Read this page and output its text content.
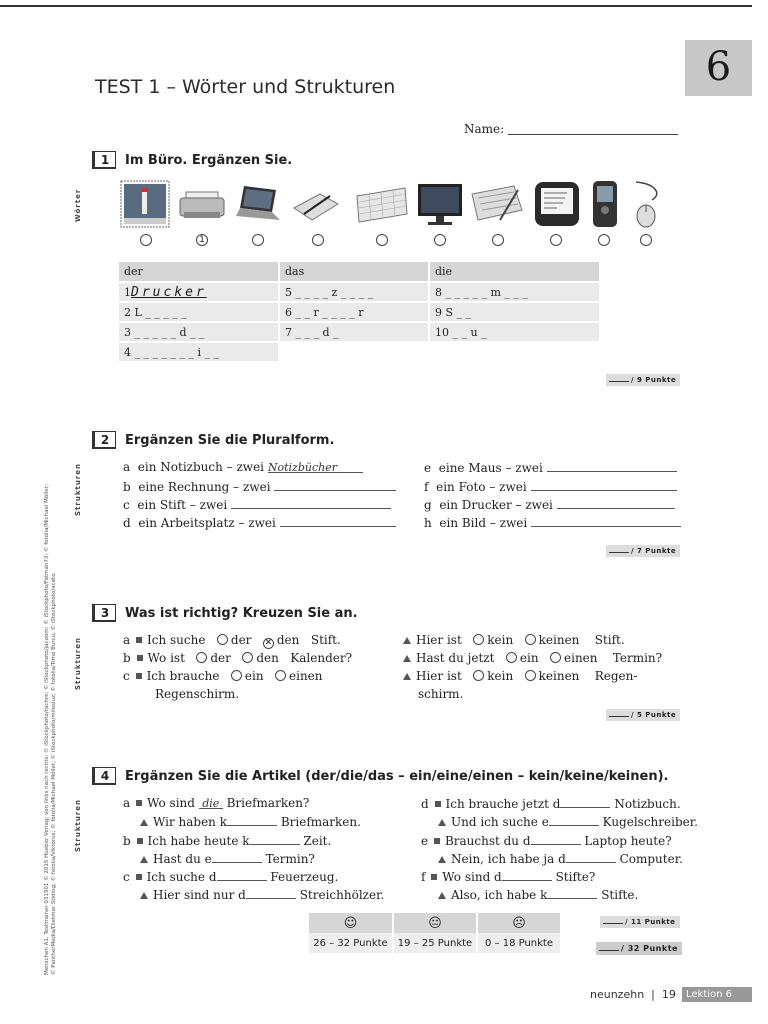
TEST 1 – Wörter und Strukturen	6
Name:
Menschen A1, Testtrainer 031901 © 2015 Hueber Verlag; von links nach rechts: © iStockphoto/rachre; © iStockphoto/jacoom; © iStockphoto/Fatman73; © fotolia/Michael Möller; © PantherMedia/Dietmar Stiding; © fotolia/Viktorus; © fotolia/Michael Möller; © iStockphoto/milosluz; © fotolia/Timo Burcu; © iStockphoto/acato
1	Im Büro. Ergänzen Sie.
Wörter
1
der	das	die
1Drucker	5 _ _ _ _ z _ _ _ _	8 _ _ _ _ _ m _ _ _
2 L _ _ _ _ _	6 _ _ r _ _ _ _ r	9 S _ _
3 _ _ _ _ _ d _ _	7 _ _ _ d _	10 _ _ u _
4 _ _ _ _ _ _ _ i _ _		
/ 9 Punkte
2	Ergänzen Sie die Pluralform.
Strukturen	a ein Notizbuch – zwei Notizbücher
b eine Rechnung – zwei
c ein Stift – zwei
d ein Arbeitsplatz – zwei
e eine Maus – zwei
f ein Foto – zwei
g ein Drucker – zwei
h ein Bild – zwei
/ 7 Punkte
3	Was ist richtig? Kreuzen Sie an.
Strukturen	a Ich suche der ✕ den Stift.
b Wo ist der den Kalender?
c Ich brauche ein einen
Regenschirm.
Hier ist kein keinen Stift.
Hast du jetzt ein einen Termin?
Hier ist kein keinen Regen-
schirm.
/ 5 Punkte
4	Ergänzen Sie die Artikel (der/die/das – ein/eine/einen – kein/keine/keinen).
Strukturen	a Wo sind die Briefmarken?
Wir haben k	Briefmarken.
b Ich habe heute k	Zeit.
Hast du e	Termin?
c Ich suche d	Feuerzeug.
Hier sind nur d	Streichhölzer.
d Ich brauche jetzt d	Notizbuch.
Und ich suche e	Kugelschreiber.
e Brauchst du d	Laptop heute?
Nein, ich habe ja d	Computer.
f Wo sind d	Stifte?
Also, ich habe k	Stifte.
/ 11 Punkte
☺	😐	☹
26 – 32 Punkte	19 – 25 Punkte	0 – 18 Punkte	/ 32 Punkte
neunzehn | 19	Lektion 6
